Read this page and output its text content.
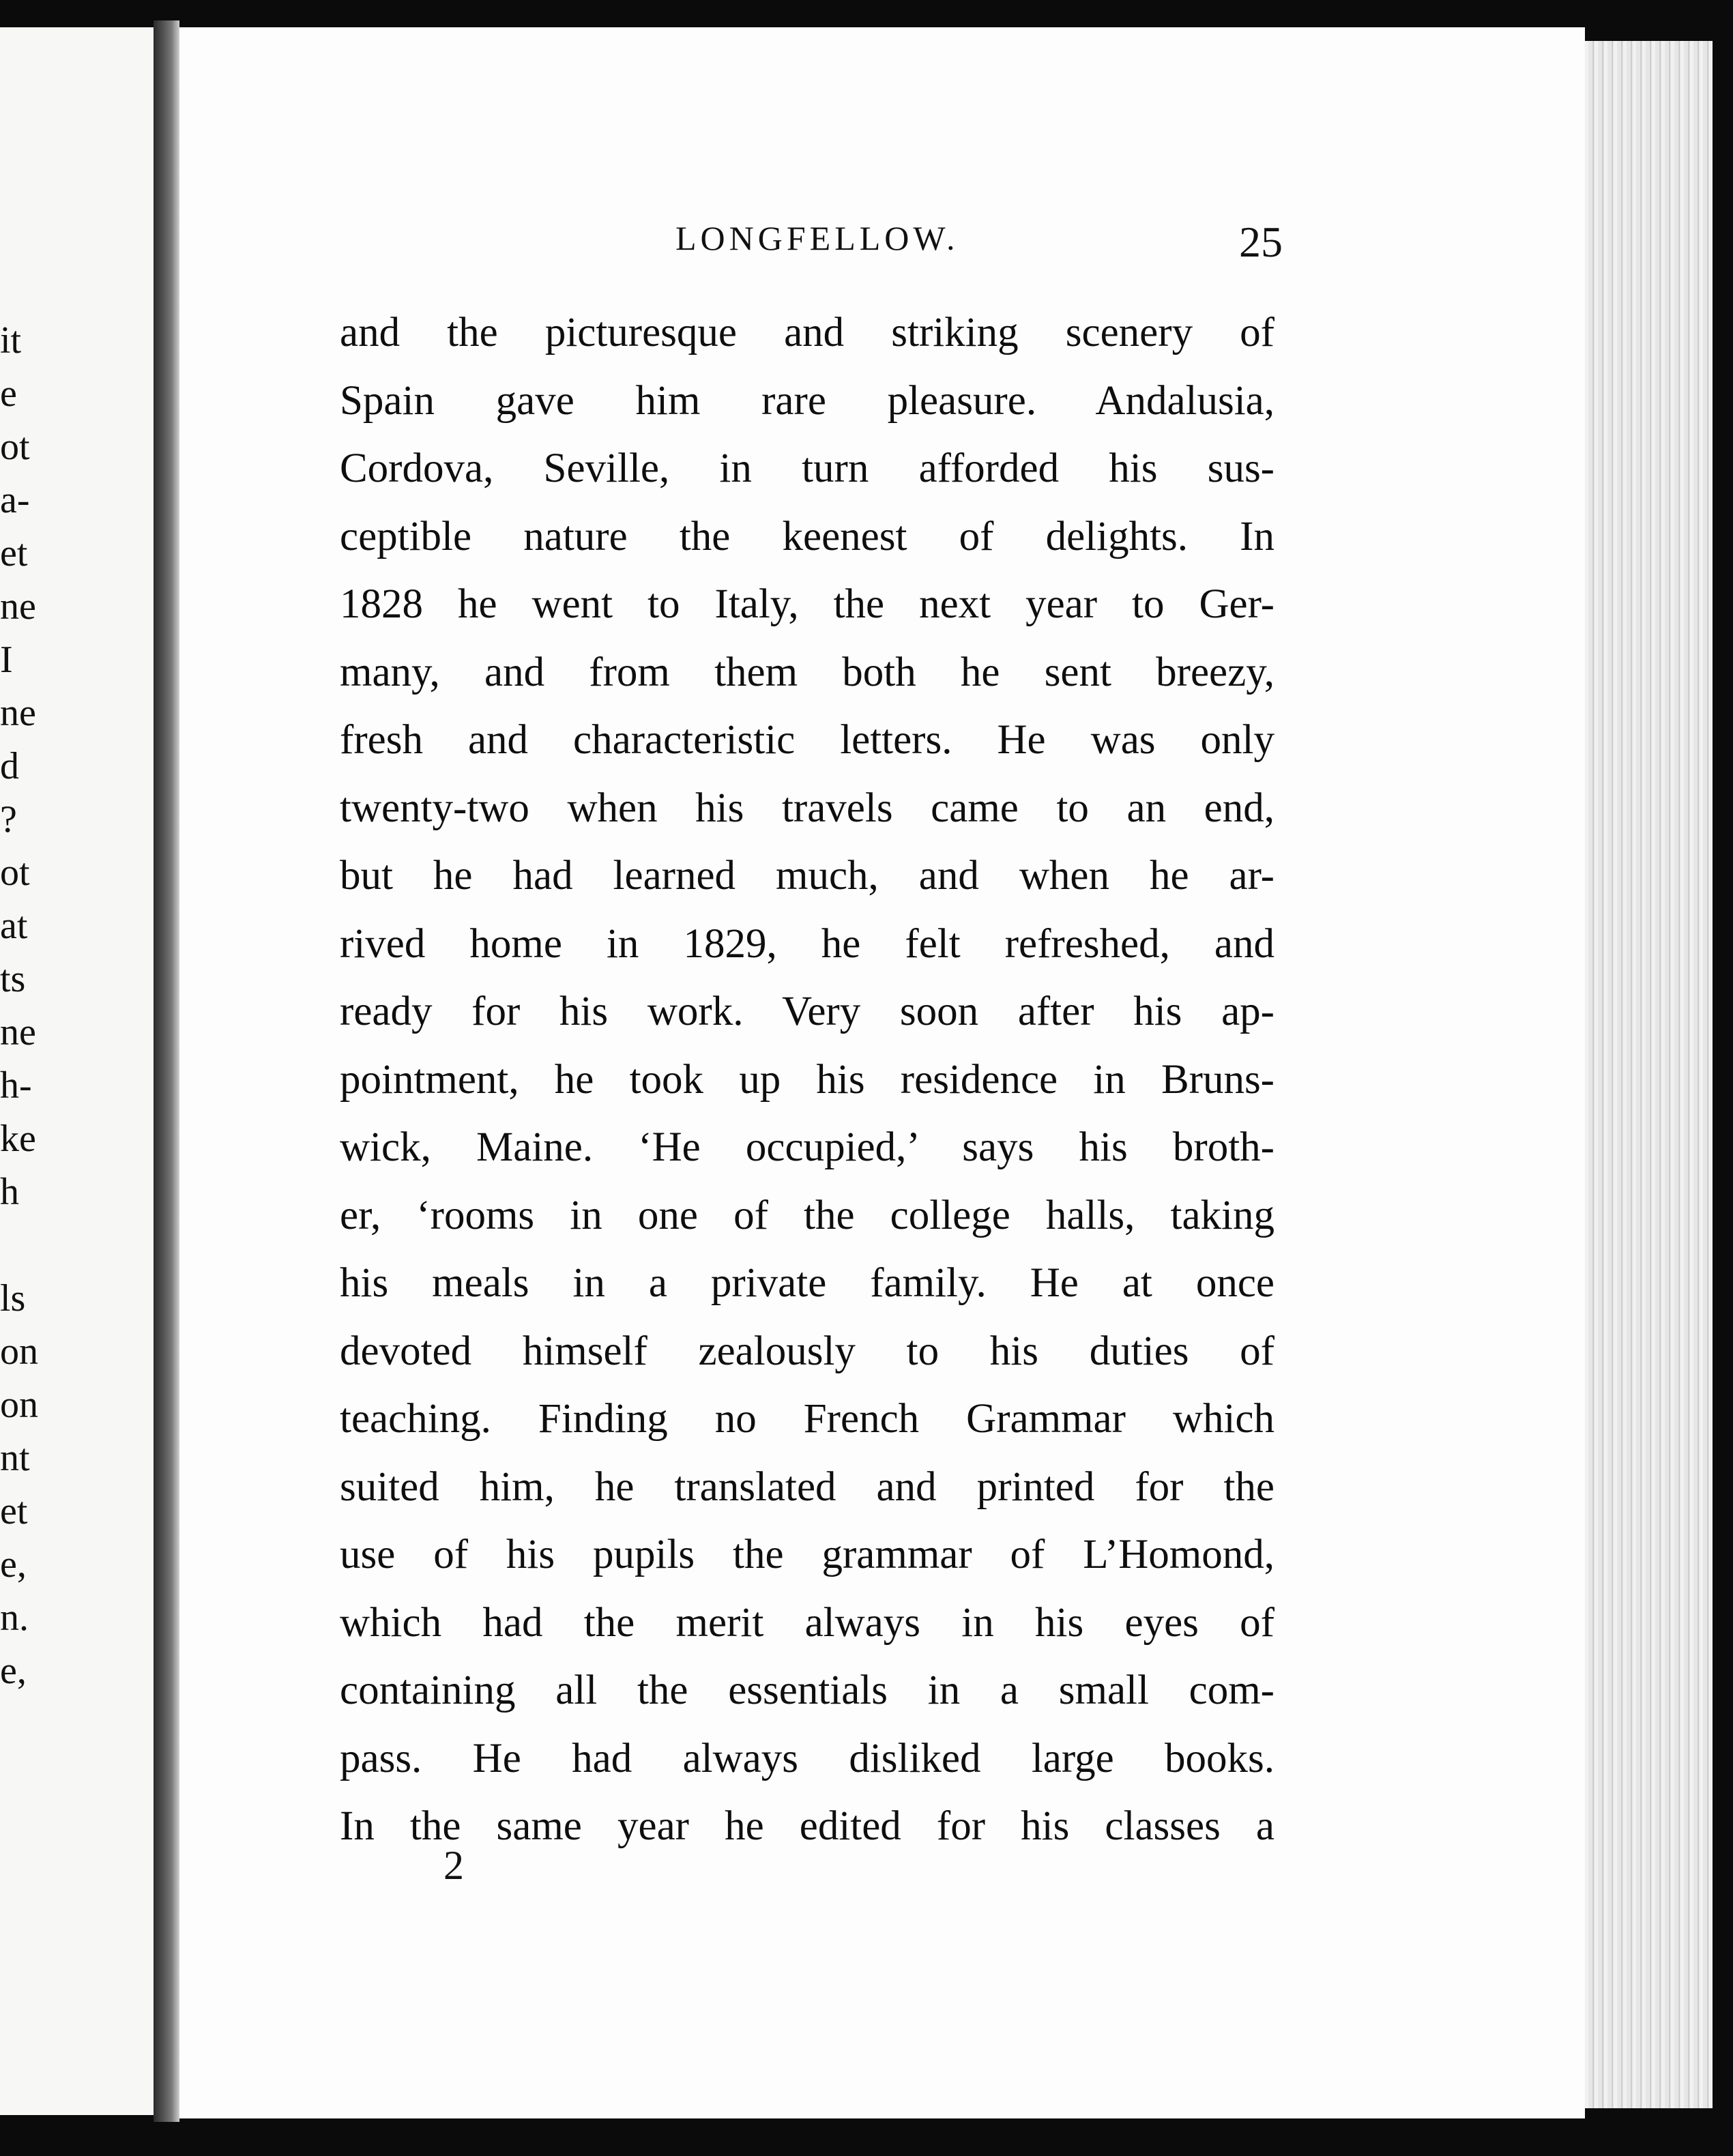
it
e
ot
a-
et
ne
I
ne
d
?
ot
at
ts
ne
h-
ke
h
ls
on
on
nt
et
e,
n.
e,
LONGFELLOW.	25
and the picturesque and striking scenery of
Spain gave him rare pleasure. Andalusia,
Cordova, Seville, in turn afforded his sus-
ceptible nature the keenest of delights. In
1828 he went to Italy, the next year to Ger-
many, and from them both he sent breezy,
fresh and characteristic letters. He was only
twenty-two when his travels came to an end,
but he had learned much, and when he ar-
rived home in 1829, he felt refreshed, and
ready for his work. Very soon after his ap-
pointment, he took up his residence in Bruns-
wick, Maine. ‘He occupied,’ says his broth-
er, ‘rooms in one of the college halls, taking
his meals in a private family. He at once
devoted himself zealously to his duties of
teaching. Finding no French Grammar which
suited him, he translated and printed for the
use of his pupils the grammar of L’Homond,
which had the merit always in his eyes of
containing all the essentials in a small com-
pass. He had always disliked large books.
In the same year he edited for his classes a
2
